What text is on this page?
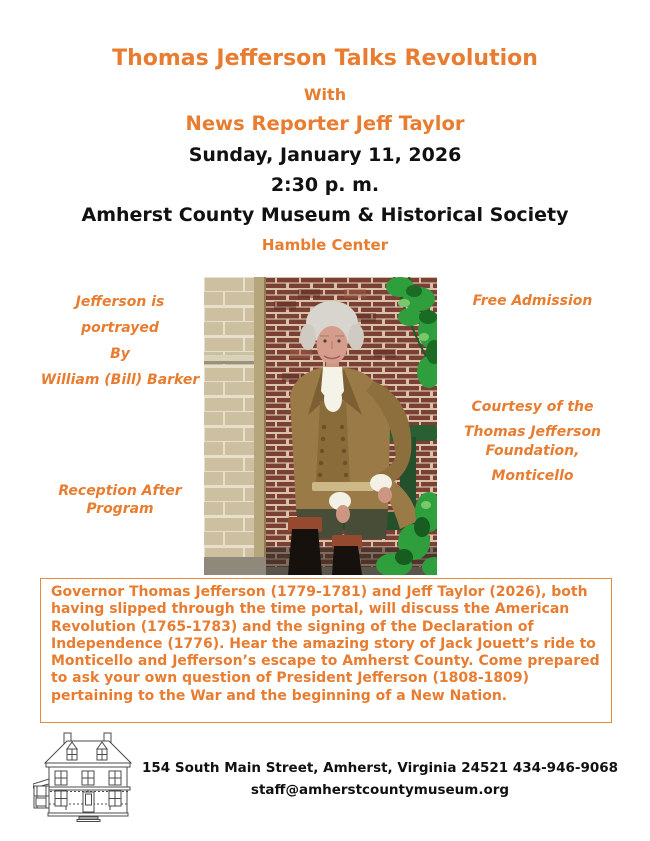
Thomas Jefferson Talks Revolution
With
News Reporter Jeff Taylor
Sunday, January 11, 2026
2:30 p. m.
Amherst County Museum & Historical Society
Hamble Center

Jefferson is

portrayed

By

William (Bill) Barker

Reception After Program
Free Admission

Courtesy of the

Thomas Jefferson Foundation,

Monticello

Governor Thomas Jefferson (1779-1781) and Jeff Taylor (2026), both having slipped through the time portal, will discuss the American Revolution (1765-1783) and the signing of the Declaration of   Independence (1776). Hear the amazing story of Jack Jouett’s ride to Monticello and Jefferson’s escape to Amherst County. Come prepared to ask your own question of President Jefferson (1808-1809) pertaining to the War and the beginning of a New Nation.

154 South Main Street, Amherst, Virginia 24521 434-946-9068
staff@amherstcountymuseum.org
